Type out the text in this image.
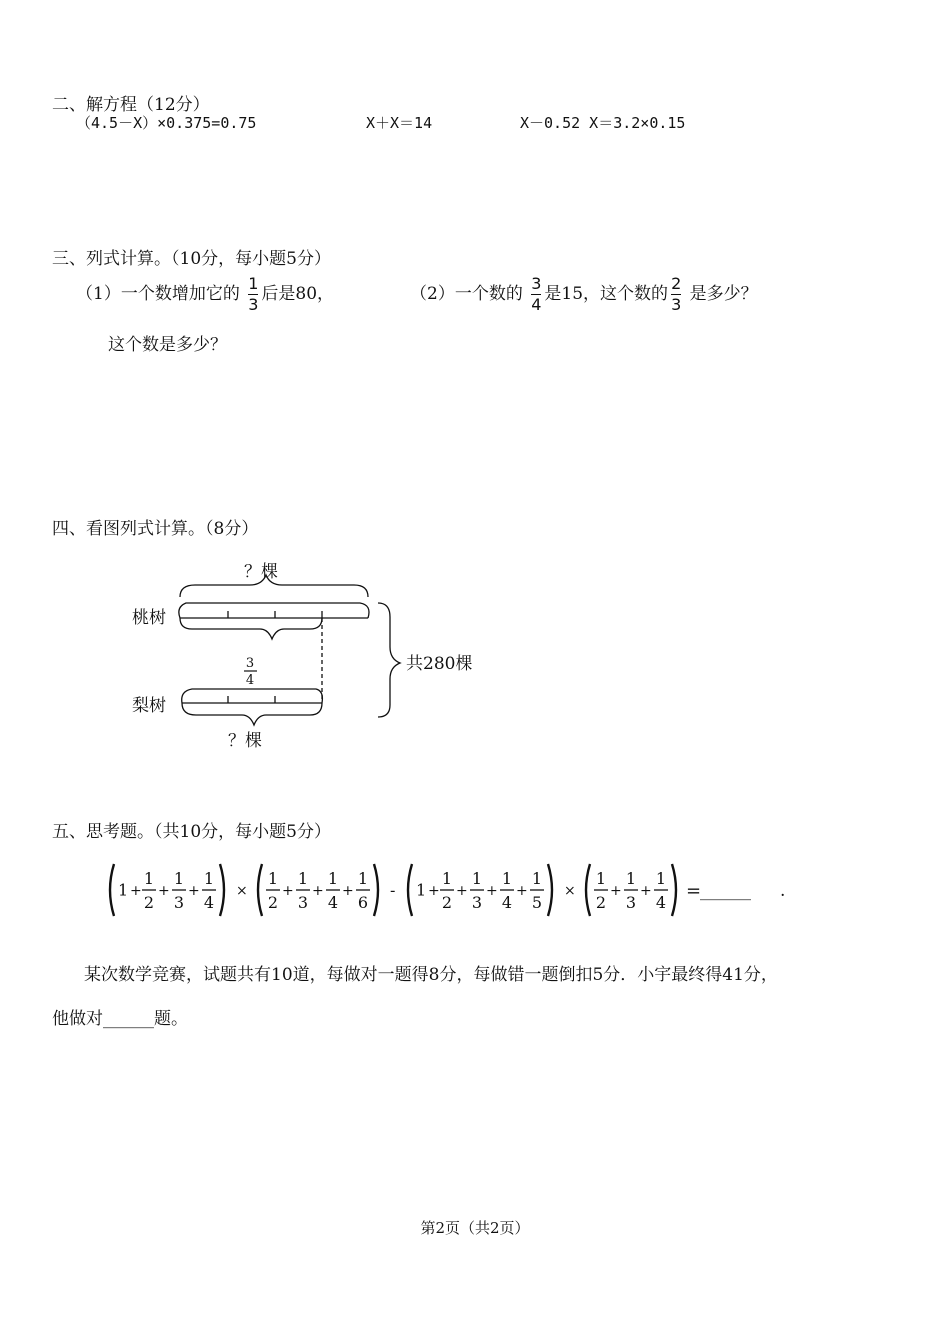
二、解方程（12分）
（4.5－X）×0.375=0.75	X＋X＝14	X－0.52 X＝3.2×0.15
三、列式计算。（10分，每小题5分）
（1）一个数增加它的 $\frac{1}{3}$ 后是80，
这个数是多少？
（2）一个数的 $\frac{3}{4}$ 是15，这个数的 $\frac{2}{3}$ 是多少？
四、看图列式计算。（8分）
？棵
桃树
3
4
梨树
？棵
共280棵
五、思考题。（共10分，每小题5分）
1 +
1
2
+
1
3
+
1
4
×
1
2
+
1
3
+
1
4
+
1
6
- 1 +
1
2
+
1
3
+
1
4
+
1
5
×
1
2
+
1
3
+
1
4
=
______ .
某次数学竞赛，试题共有10道，每做对一题得8分，每做错一题倒扣5分．小宇最终得41分，
他做对______题。
第2页（共2页）
